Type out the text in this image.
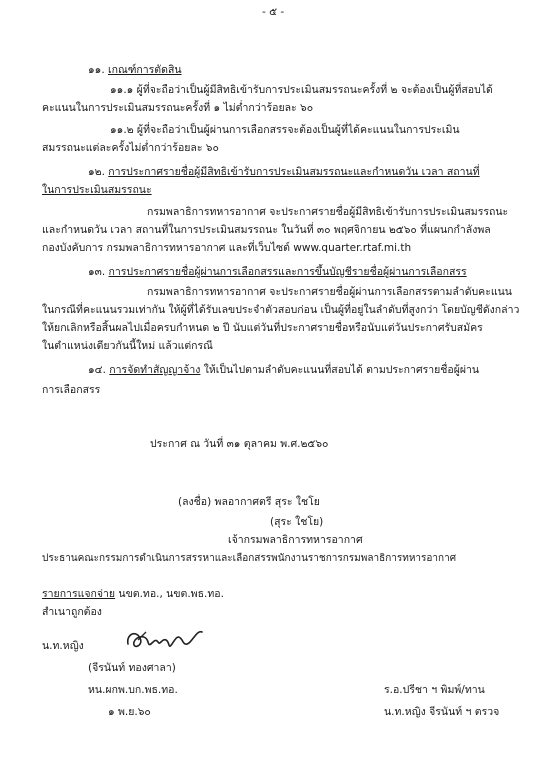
- ๕ -
๑๑. เกณฑ์การตัดสิน
๑๑.๑ ผู้ที่จะถือว่าเป็นผู้มีสิทธิเข้ารับการประเมินสมรรถนะครั้งที่ ๒ จะต้องเป็นผู้ที่สอบได้
คะแนนในการประเมินสมรรถนะครั้งที่ ๑ ไม่ต่ำกว่าร้อยละ ๖๐
๑๑.๒ ผู้ที่จะถือว่าเป็นผู้ผ่านการเลือกสรรจะต้องเป็นผู้ที่ได้คะแนนในการประเมิน
สมรรถนะแต่ละครั้งไม่ต่ำกว่าร้อยละ ๖๐
๑๒. การประกาศรายชื่อผู้มีสิทธิเข้ารับการประเมินสมรรถนะและกำหนดวัน เวลา สถานที่
ในการประเมินสมรรถนะ
กรมพลาธิการทหารอากาศ จะประกาศรายชื่อผู้มีสิทธิเข้ารับการประเมินสมรรถนะ
และกำหนดวัน เวลา สถานที่ในการประเมินสมรรถนะ ในวันที่ ๓๐ พฤศจิกายน ๒๕๖๐ ที่แผนกกำลังพล
กองบังคับการ กรมพลาธิการทหารอากาศ และที่เว็บไซต์ www.quarter.rtaf.mi.th
๑๓. การประกาศรายชื่อผู้ผ่านการเลือกสรรและการขึ้นบัญชีรายชื่อผู้ผ่านการเลือกสรร
กรมพลาธิการทหารอากาศ จะประกาศรายชื่อผู้ผ่านการเลือกสรรตามลำดับคะแนน
ในกรณีที่คะแนนรวมเท่ากัน ให้ผู้ที่ได้รับเลขประจำตัวสอบก่อน เป็นผู้ที่อยู่ในลำดับที่สูงกว่า โดยบัญชีดังกล่าว
ให้ยกเลิกหรือสิ้นผลไปเมื่อครบกำหนด ๒ ปี นับแต่วันที่ประกาศรายชื่อหรือนับแต่วันประกาศรับสมัคร
ในตำแหน่งเดียวกันนี้ใหม่ แล้วแต่กรณี
๑๔. การจัดทำสัญญาจ้าง ให้เป็นไปตามลำดับคะแนนที่สอบได้ ตามประกาศรายชื่อผู้ผ่าน
การเลือกสรร
ประกาศ ณ วันที่ ๓๑ ตุลาคม พ.ศ.๒๕๖๐
(ลงชื่อ) พลอากาศตรี สุระ ใชโย
(สุระ ใชโย)
เจ้ากรมพลาธิการทหารอากาศ
ประธานคณะกรรมการดำเนินการสรรหาและเลือกสรรพนักงานราชการกรมพลาธิการทหารอากาศ
รายการแจกจ่าย นขต.ทอ., นขต.พธ.ทอ.
สำเนาถูกต้อง
น.ท.หญิง
(จีรนันท์ ทองศาลา)
หน.ผกพ.บก.พธ.ทอ.
๑ พ.ย.๖๐
ร.อ.ปรีชา ฯ พิมพ์/ทาน
น.ท.หญิง จีรนันท์ ฯ ตรวจ
